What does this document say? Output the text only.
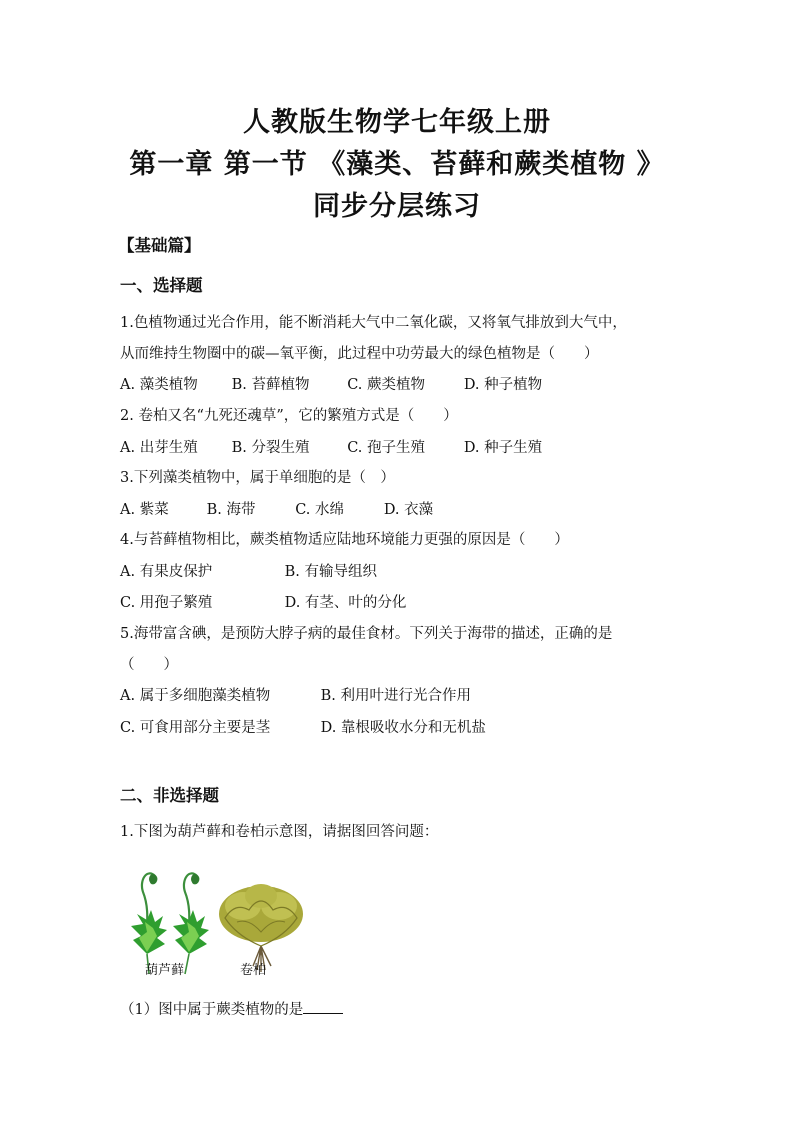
人教版生物学七年级上册
第一章 第一节 《藻类、苔藓和蕨类植物 》
同步分层练习
【基础篇】
一、选择题
1.色植物通过光合作用，能不断消耗大气中二氧化碳，又将氧气排放到大气中，
从而维持生物圈中的碳—氧平衡，此过程中功劳最大的绿色植物是（　　）
A. 藻类植物 B. 苔藓植物	C. 蕨类植物	D. 种子植物
2. 卷柏又名“九死还魂草”，它的繁殖方式是（　　）
A. 出芽生殖 B. 分裂生殖	C. 孢子生殖	D. 种子生殖
3.下列藻类植物中，属于单细胞的是（　）
A. 紫菜	B. 海带	C. 水绵	D. 衣藻
4.与苔藓植物相比，蕨类植物适应陆地环境能力更强的原因是（　　）
A. 有果皮保护	B. 有输导组织
C. 用孢子繁殖	D. 有茎、叶的分化
5.海带富含碘，是预防大脖子病的最佳食材。下列关于海带的描述，正确的是
（　　）
A. 属于多细胞藻类植物	B. 利用叶进行光合作用
C. 可食用部分主要是茎	D. 靠根吸收水分和无机盐
二、非选择题
1.下图为葫芦藓和卷柏示意图，请据图回答问题：
葫芦藓	卷柏
（1）图中属于蕨类植物的是
